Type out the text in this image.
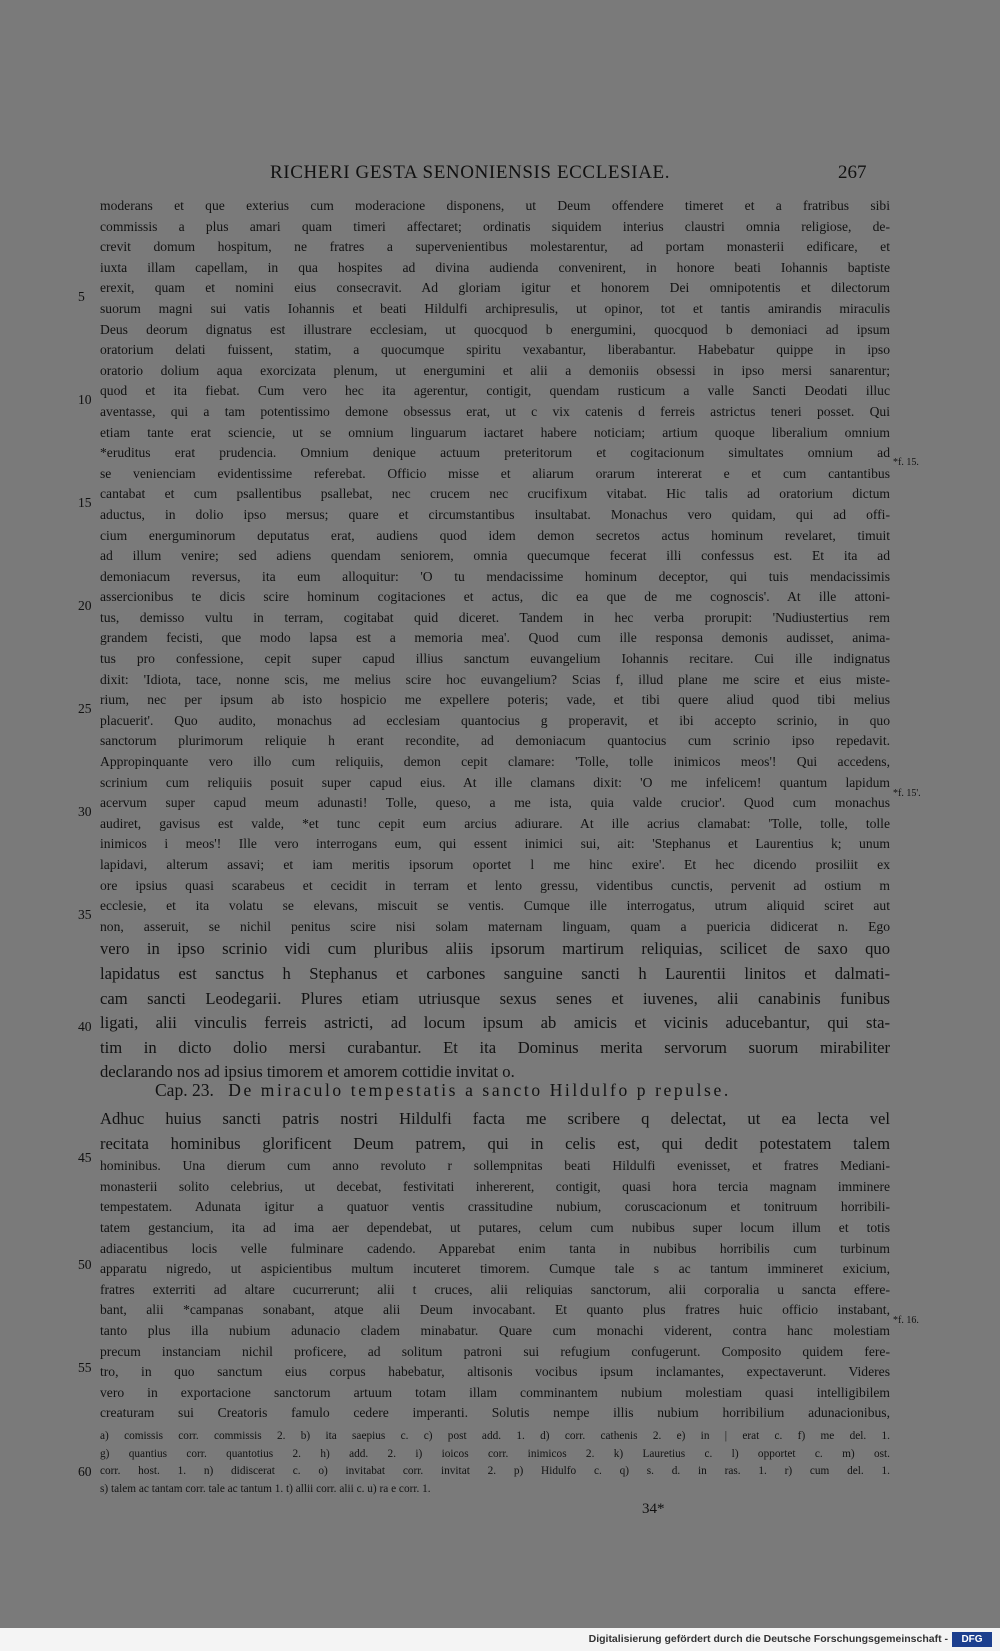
RICHERI GESTA SENONIENSIS ECCLESIAE.	267
moderans et que exterius cum moderacione disponens, ut Deum offendere timeret et a fratribus sibi
commissis a plus amari quam timeri affectaret; ordinatis siquidem interius claustri omnia religiose, de-
crevit domum hospitum, ne fratres a supervenientibus molestarentur, ad portam monasterii edificare, et
iuxta illam capellam, in qua hospites ad divina audienda convenirent, in honore beati Iohannis baptiste
erexit, quam et nomini eius consecravit. Ad gloriam igitur et honorem Dei omnipotentis et dilectorum
suorum magni sui vatis Iohannis et beati Hildulfi archipresulis, ut opinor, tot et tantis amirandis miraculis
Deus deorum dignatus est illustrare ecclesiam, ut quocquod b energumini, quocquod b demoniaci ad ipsum
oratorium delati fuissent, statim, a quocumque spiritu vexabantur, liberabantur. Habebatur quippe in ipso
oratorio dolium aqua exorcizata plenum, ut energumini et alii a demoniis obsessi in ipso mersi sanarentur;
quod et ita fiebat. Cum vero hec ita agerentur, contigit, quendam rusticum a valle Sancti Deodati illuc
aventasse, qui a tam potentissimo demone obsessus erat, ut c vix catenis d ferreis astrictus teneri posset. Qui
etiam tante erat sciencie, ut se omnium linguarum iactaret habere noticiam; artium quoque liberalium omnium
*eruditus erat prudencia. Omnium denique actuum preteritorum et cogitacionum simultates omnium ad
se venienciam evidentissime referebat. Officio misse et aliarum orarum intererat e et cum cantantibus
cantabat et cum psallentibus psallebat, nec crucem nec crucifixum vitabat. Hic talis ad oratorium dictum
aductus, in dolio ipso mersus; quare et circumstantibus insultabat. Monachus vero quidam, qui ad offi-
cium energuminorum deputatus erat, audiens quod idem demon secretos actus hominum revelaret, timuit
ad illum venire; sed adiens quendam seniorem, omnia quecumque fecerat illi confessus est. Et ita ad
demoniacum reversus, ita eum alloquitur: 'O tu mendacissime hominum deceptor, qui tuis mendacissimis
assercionibus te dicis scire hominum cogitaciones et actus, dic ea que de me cognoscis'. At ille attoni-
tus, demisso vultu in terram, cogitabat quid diceret. Tandem in hec verba prorupit: 'Nudiustertius rem
grandem fecisti, que modo lapsa est a memoria mea'. Quod cum ille responsa demonis audisset, anima-
tus pro confessione, cepit super capud illius sanctum euvangelium Iohannis recitare. Cui ille indignatus
dixit: 'Idiota, tace, nonne scis, me melius scire hoc euvangelium? Scias f, illud plane me scire et eius miste-
rium, nec per ipsum ab isto hospicio me expellere poteris; vade, et tibi quere aliud quod tibi melius
placuerit'. Quo audito, monachus ad ecclesiam quantocius g properavit, et ibi accepto scrinio, in quo
sanctorum plurimorum reliquie h erant recondite, ad demoniacum quantocius cum scrinio ipso repedavit.
Appropinquante vero illo cum reliquiis, demon cepit clamare: 'Tolle, tolle inimicos meos'! Qui accedens,
scrinium cum reliquiis posuit super capud eius. At ille clamans dixit: 'O me infelicem! quantum lapidum
acervum super capud meum adunasti! Tolle, queso, a me ista, quia valde crucior'. Quod cum monachus
audiret, gavisus est valde, *et tunc cepit eum arcius adiurare. At ille acrius clamabat: 'Tolle, tolle, tolle
inimicos i meos'! Ille vero interrogans eum, qui essent inimici sui, ait: 'Stephanus et Laurentius k; unum
lapidavi, alterum assavi; et iam meritis ipsorum oportet l me hinc exire'. Et hec dicendo prosiliit ex
ore ipsius quasi scarabeus et cecidit in terram et lento gressu, videntibus cunctis, pervenit ad ostium m
ecclesie, et ita volatu se elevans, miscuit se ventis. Cumque ille interrogatus, utrum aliquid sciret aut
non, asseruit, se nichil penitus scire nisi solam maternam linguam, quam a puericia didicerat n. Ego
vero in ipso scrinio vidi cum pluribus aliis ipsorum martirum reliquias, scilicet de saxo quo
lapidatus est sanctus h Stephanus et carbones sanguine sancti h Laurentii linitos et dalmati-
cam sancti Leodegarii. Plures etiam utriusque sexus senes et iuvenes, alii canabinis funibus
ligati, alii vinculis ferreis astricti, ad locum ipsum ab amicis et vicinis aducebantur, qui sta-
tim in dicto dolio mersi curabantur. Et ita Dominus merita servorum suorum mirabiliter
declarando nos ad ipsius timorem et amorem cottidie invitat o.
Cap. 23. De miraculo tempestatis a sancto Hildulfo p repulse.
Adhuc huius sancti patris nostri Hildulfi facta me scribere q delectat, ut ea lecta vel
recitata hominibus glorificent Deum patrem, qui in celis est, qui dedit potestatem talem
hominibus. Una dierum cum anno revoluto r sollempnitas beati Hildulfi evenisset, et fratres Mediani-
monasterii solito celebrius, ut decebat, festivitati inhererent, contigit, quasi hora tercia magnam imminere
tempestatem. Adunata igitur a quatuor ventis crassitudine nubium, coruscacionum et tonitruum horribili-
tatem gestancium, ita ad ima aer dependebat, ut putares, celum cum nubibus super locum illum et totis
adiacentibus locis velle fulminare cadendo. Apparebat enim tanta in nubibus horribilis cum turbinum
apparatu nigredo, ut aspicientibus multum incuteret timorem. Cumque tale s ac tantum immineret exicium,
fratres exterriti ad altare cucurrerunt; alii t cruces, alii reliquias sanctorum, alii corporalia u sancta effere-
bant, alii *campanas sonabant, atque alii Deum invocabant. Et quanto plus fratres huic officio instabant,
tanto plus illa nubium adunacio cladem minabatur. Quare cum monachi viderent, contra hanc molestiam
precum instanciam nichil proficere, ad solitum patroni sui refugium confugerunt. Composito quidem fere-
tro, in quo sanctum eius corpus habebatur, altisonis vocibus ipsum inclamantes, expectaverunt. Videres
vero in exportacione sanctorum artuum totam illam comminantem nubium molestiam quasi intelligibilem
creaturam sui Creatoris famulo cedere imperanti. Solutis nempe illis nubium horribilium adunacionibus,
5
10
15
20
25
30
35
40
45
50
55
60
*f. 15.
*f. 15'.
*f. 16.
a) comissis corr. commissis 2. b) ita saepius c. c) post add. 1. d) corr. cathenis 2. e) in | erat c. f) me del. 1.
g) quantius corr. quantotius 2. h) add. 2. i) ioicos corr. inimicos 2. k) Lauretius c. l) opportet c. m) ost.
corr. host. 1. n) didiscerat c. o) invitabat corr. invitat 2. p) Hidulfo c. q) s. d. in ras. 1. r) cum del. 1.
s) talem ac tantam corr. tale ac tantum 1. t) allii corr. alii c. u) ra e corr. 1.
34*
Digitalisierung gefördert durch die Deutsche Forschungsgemeinschaft -	DFG
